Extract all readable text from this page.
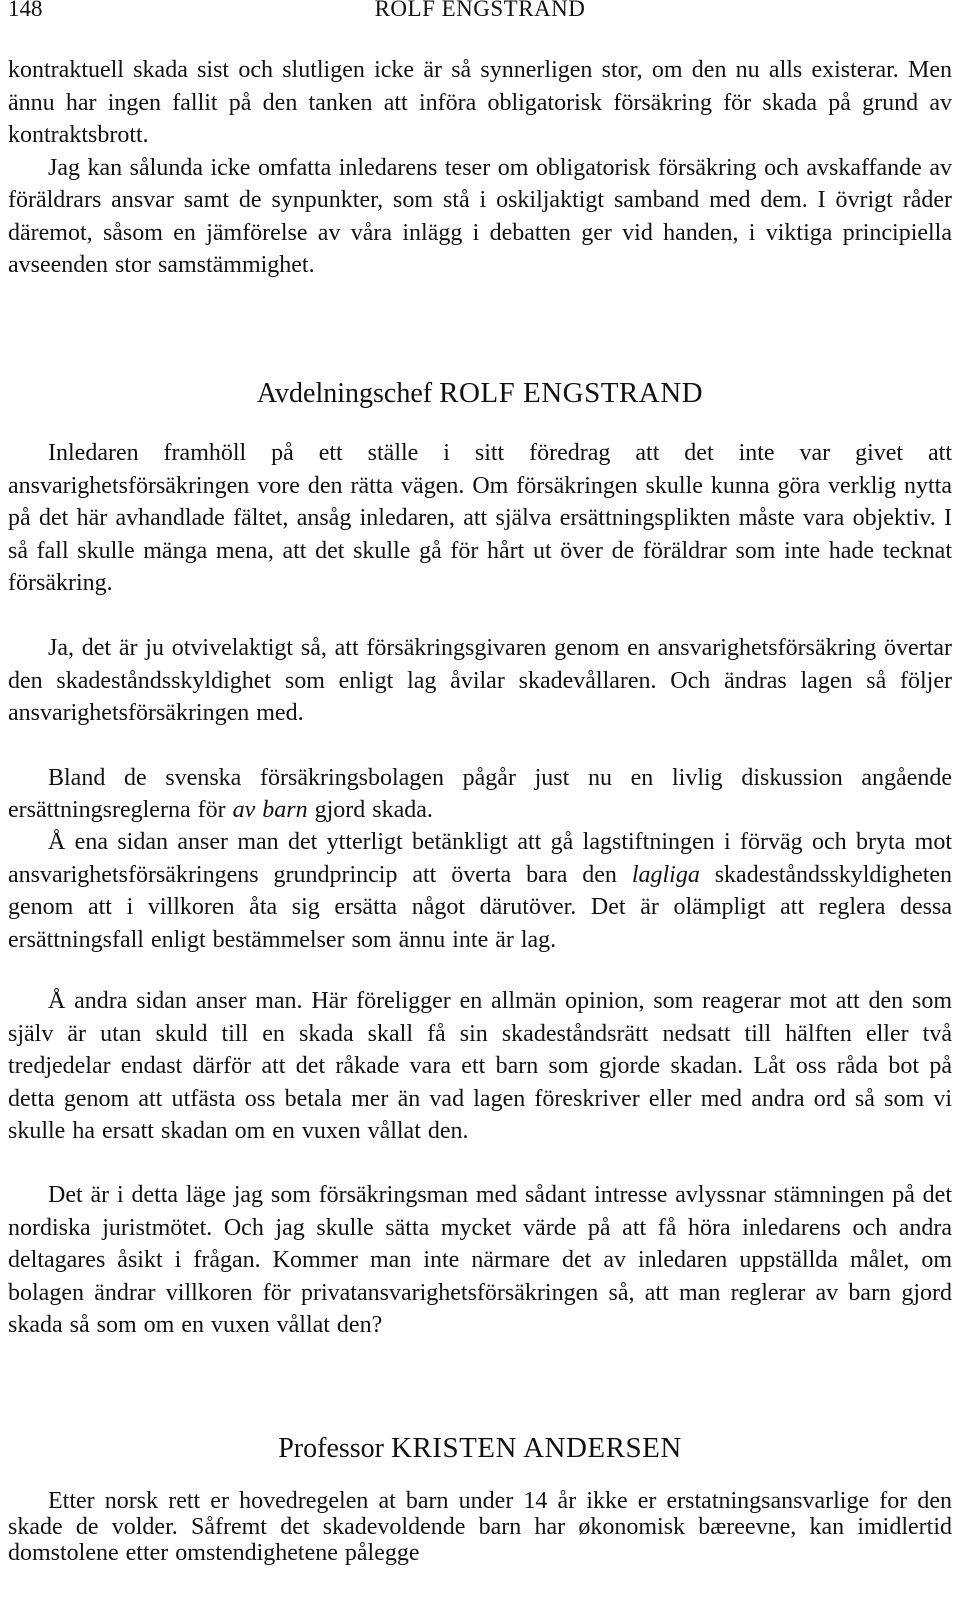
148	ROLF ENGSTRAND

kontraktuell skada sist och slutligen icke är så synnerligen stor, om den nu alls existerar. Men ännu har ingen fallit på den tanken att införa obligatorisk försäkring för skada på grund av kontraktsbrott.

Jag kan sålunda icke omfatta inledarens teser om obligatorisk försäkring och avskaffande av föräldrars ansvar samt de synpunkter, som stå i oskiljaktigt samband med dem. I övrigt råder däremot, såsom en jämförelse av våra inlägg i debatten ger vid handen, i viktiga principiella avseenden stor samstämmighet.

Avdelningschef ROLF ENGSTRAND

Inledaren framhöll på ett ställe i sitt föredrag att det inte var givet att ansvarighetsförsäkringen vore den rätta vägen. Om försäkringen skulle kunna göra verklig nytta på det här avhandlade fältet, ansåg inledaren, att själva ersättningsplikten måste vara objektiv. I så fall skulle mänga mena, att det skulle gå för hårt ut över de föräldrar som inte hade tecknat försäkring.

Ja, det är ju otvivelaktigt så, att försäkringsgivaren genom en ansvarighetsförsäkring övertar den skadeståndsskyldighet som enligt lag åvilar skadevållaren. Och ändras lagen så följer ansvarighetsförsäkringen med.

Bland de svenska försäkringsbolagen pågår just nu en livlig diskussion angående ersättningsreglerna för av barn gjord skada.

Å ena sidan anser man det ytterligt betänkligt att gå lagstiftningen i förväg och bryta mot ansvarighetsförsäkringens grundprincip att överta bara den lagliga skadeståndsskyldigheten genom att i villkoren åta sig ersätta något därutöver. Det är olämpligt att reglera dessa ersättningsfall enligt bestämmelser som ännu inte är lag.

Å andra sidan anser man. Här föreligger en allmän opinion, som reagerar mot att den som själv är utan skuld till en skada skall få sin skadeståndsrätt nedsatt till hälften eller två tredjedelar endast därför att det råkade vara ett barn som gjorde skadan. Låt oss råda bot på detta genom att utfästa oss betala mer än vad lagen föreskriver eller med andra ord så som vi skulle ha ersatt skadan om en vuxen vållat den.

Det är i detta läge jag som försäkringsman med sådant intresse avlyssnar stämningen på det nordiska juristmötet. Och jag skulle sätta mycket värde på att få höra inledarens och andra deltagares åsikt i frågan. Kommer man inte närmare det av inledaren uppställda målet, om bolagen ändrar villkoren för privatansvarighetsförsäkringen så, att man reglerar av barn gjord skada så som om en vuxen vållat den?

Professor KRISTEN ANDERSEN

Etter norsk rett er hovedregelen at barn under 14 år ikke er erstatningsansvarlige for den skade de volder. Såfremt det skadevoldende barn har økonomisk bæreevne, kan imidlertid domstolene etter omstendighetene pålegge
